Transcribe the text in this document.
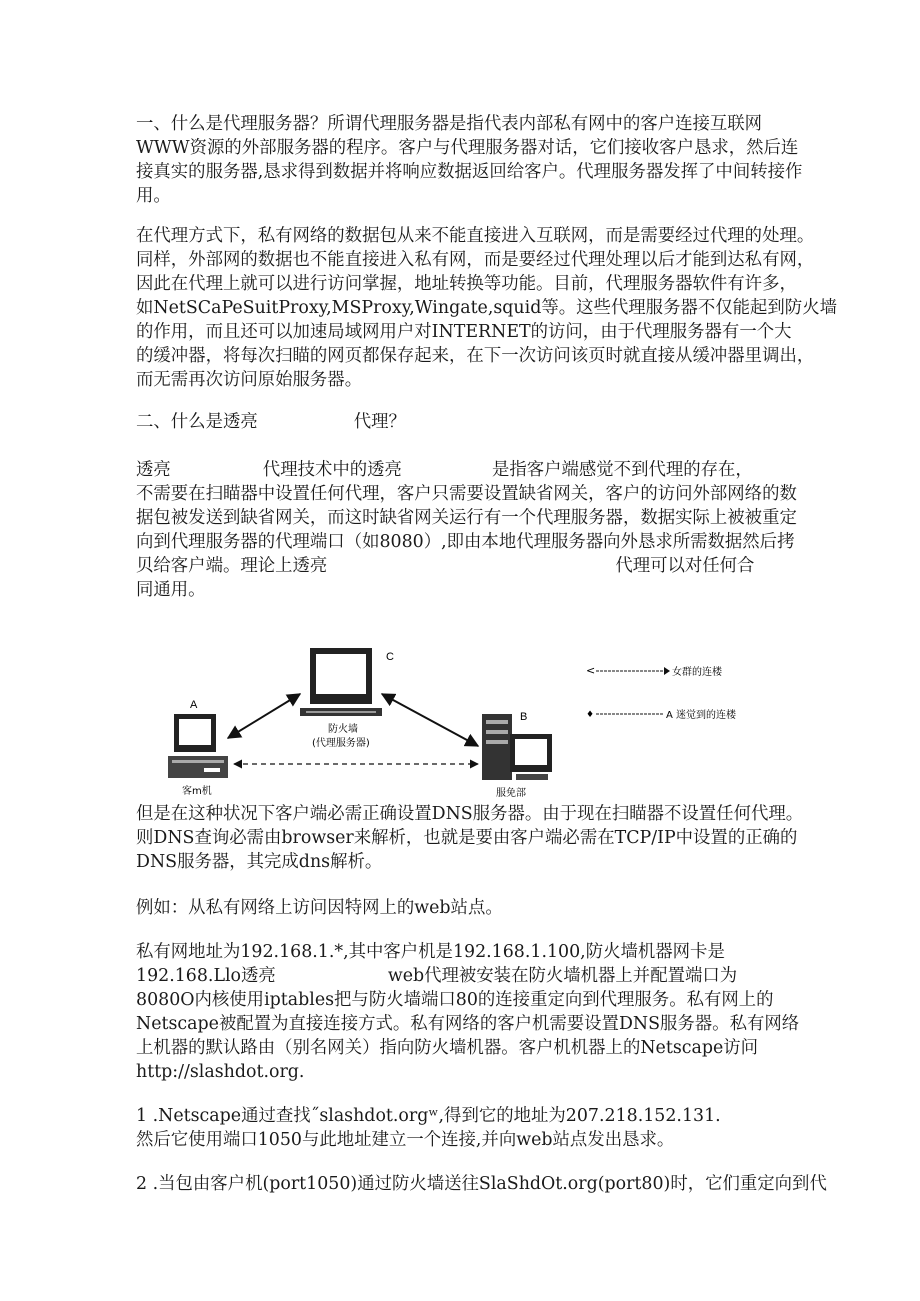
一、什么是代理服务器？所谓代理服务器是指代表内部私有网中的客户连接互联网
WWW资源的外部服务器的程序。客户与代理服务器对话，它们接收客户恳求，然后连
接真实的服务器,恳求得到数据并将响应数据返回给客户。代理服务器发挥了中间转接作
用。
在代理方式下，私有网络的数据包从来不能直接进入互联网，而是需要经过代理的处理。
同样，外部网的数据也不能直接进入私有网，而是要经过代理处理以后才能到达私有网，
因此在代理上就可以进行访问掌握，地址转换等功能。目前，代理服务器软件有许多，
如NetSCaPeSuitProxy,MSProxy,Wingate,squid等。这些代理服务器不仅能起到防火墙
的作用，而且还可以加速局域网用户对INTERNET的访问，由于代理服务器有一个大
的缓冲器，将每次扫瞄的网页都保存起来，在下一次访问该页时就直接从缓冲器里调出，
而无需再次访问原始服务器。
二、什么是透亮	代理？
透亮	代理技术中的透亮	是指客户端感觉不到代理的存在，
不需要在扫瞄器中设置任何代理，客户只需要设置缺省网关，客户的访问外部网络的数
据包被发送到缺省网关，而这时缺省网关运行有一个代理服务器，数据实际上被被重定
向到代理服务器的代理端口（如8080）,即由本地代理服务器向外恳求所需数据然后拷
贝给客户端。理论上透亮	代理可以对任何合
同通用。
C
防火墙
(代理服务器)
A
客m机
B
服免部
<	女群的连楼
♦	A 迷觉到的连楼
但是在这种状况下客户端必需正确设置DNS服务器。由于现在扫瞄器不设置任何代理。
则DNS查询必需由browser来解析，也就是要由客户端必需在TCP/IP中设置的正确的
DNS服务器，其完成dns解析。
例如：从私有网络上访问因特网上的web站点。
私有网地址为192.168.1.*,其中客户机是192.168.1.100,防火墙机器网卡是
192.168.Llo透亮	web代理被安装在防火墙机器上并配置端口为
8080O内核使用iptables把与防火墙端口80的连接重定向到代理服务。私有网上的
Netscape被配置为直接连接方式。私有网络的客户机需要设置DNS服务器。私有网络
上机器的默认路由（别名网关）指向防火墙机器。客户机机器上的Netscape访问
http://slashdot.org.
1 .Netscape通过查找˝slashdot.orgʷ,得到它的地址为207.218.152.131.
然后它使用端口1050与此地址建立一个连接,并向web站点发出恳求。
2 .当包由客户机(port1050)通过防火墙送往SlaShdOt.org(port80)时，它们重定向到代
